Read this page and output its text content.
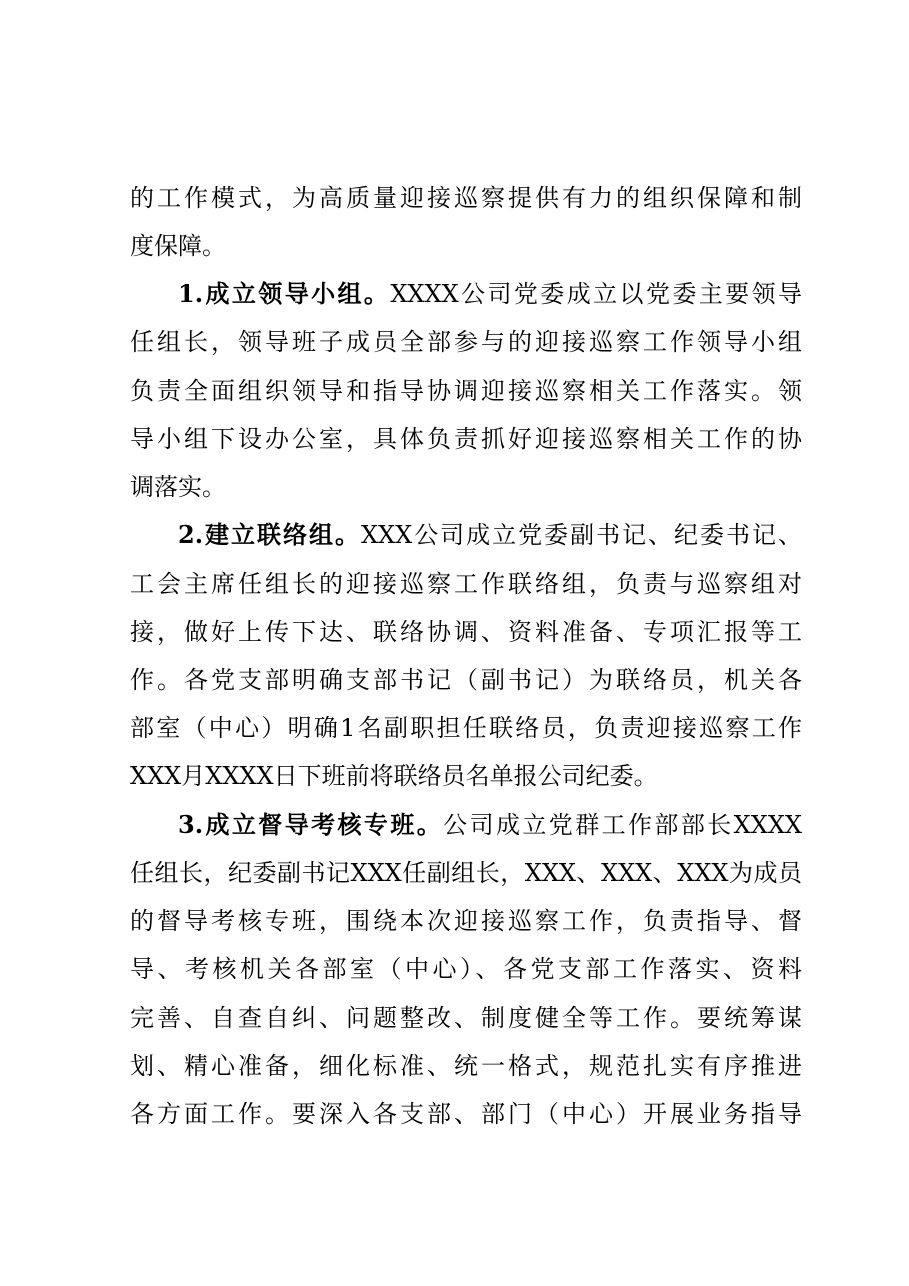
的工作模式，为高质量迎接巡察提供有力的组织保障和制
度保障。
1.成立领导小组。XXXX公司党委成立以党委主要领导
任组长，领导班子成员全部参与的迎接巡察工作领导小组
负责全面组织领导和指导协调迎接巡察相关工作落实。领
导小组下设办公室，具体负责抓好迎接巡察相关工作的协
调落实。
2.建立联络组。XXX公司成立党委副书记、纪委书记、
工会主席任组长的迎接巡察工作联络组，负责与巡察组对
接，做好上传下达、联络协调、资料准备、专项汇报等工
作。各党支部明确支部书记（副书记）为联络员，机关各
部室（中心）明确1名副职担任联络员，负责迎接巡察工作
XXX月XXXX日下班前将联络员名单报公司纪委。
3.成立督导考核专班。公司成立党群工作部部长XXXX
任组长，纪委副书记XXX任副组长，XXX、XXX、XXX为成员
的督导考核专班，围绕本次迎接巡察工作，负责指导、督
导、考核机关各部室（中心）、各党支部工作落实、资料
完善、自查自纠、问题整改、制度健全等工作。要统筹谋
划、精心准备，细化标准、统一格式，规范扎实有序推进
各方面工作。要深入各支部、部门（中心）开展业务指导
